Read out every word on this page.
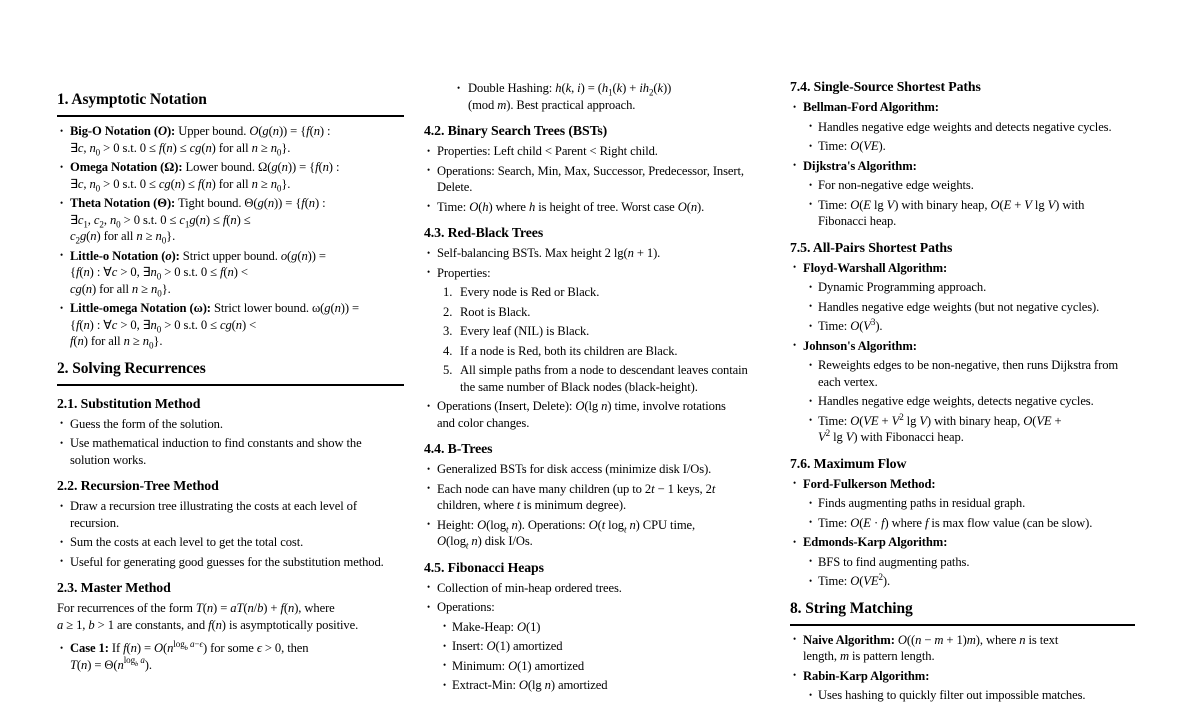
1. Asymptotic Notation
• Big-O Notation (O): Upper bound. O(g(n)) = {f(n) :
∃c, $n_0 > 0$ s.t. 0 ≤ f(n) ≤ cg(n) for all $n \ge n_0$}.
• Omega Notation (Ω): Lower bound. Ω(g(n)) = {f(n) :
∃c, $n_0 > 0$ s.t. 0 ≤ cg(n) ≤ f(n) for all $n \ge n_0$}.
• Theta Notation (Θ): Tight bound. Θ(g(n)) = {f(n) :
$\exists c_1$, $c_2$, $n_0 > 0$ s.t. $0 \le c_1g(n) \le f(n)$ ≤
$c_2g(n)$ for all $n \ge n_0$}.
• Little-o Notation (o): Strict upper bound. o(g(n)) =
{f(n) : ∀c > 0, $\exists n_0 > 0$ s.t. 0 ≤ f(n) <
cg(n) for all $n \ge n_0$}.
• Little-omega Notation (ω): Strict lower bound. ω(g(n)) =
{f(n) : ∀c > 0, $\exists n_0 > 0$ s.t. 0 ≤ cg(n) <
f(n) for all $n \ge n_0$}.
2. Solving Recurrences
2.1. Substitution Method
• Guess the form of the solution.
• Use mathematical induction to find constants and show the
solution works.
2.2. Recursion-Tree Method
• Draw a recursion tree illustrating the costs at each level of
recursion.
• Sum the costs at each level to get the total cost.
• Useful for generating good guesses for the substitution method.
2.3. Master Method
For recurrences of the form T(n) = aT(n/b) + f(n), where
a ≥ 1, b > 1 are constants, and f(n) is asymptotically positive.
• Case 1: If $f(n) = O(n^{log_b a-\epsilon})$ for some ϵ > 0, then
$T(n) = \Theta(n^{log_b a})$.
• Double Hashing: h(k, $i) = (h_1(k) + ih_2(k))$
(mod m). Best practical approach.
4.2. Binary Search Trees (BSTs)
• Properties: Left child < Parent < Right child.
• Operations: Search, Min, Max, Successor, Predecessor, Insert,
Delete.
• Time: O(h) where h is height of tree. Worst case O(n).
4.3. Red-Black Trees
• Self-balancing BSTs. Max height 2 lg(n + 1).
• Properties:
1. Every node is Red or Black.
2. Root is Black.
3. Every leaf (NIL) is Black.
4. If a node is Red, both its children are Black.
5. All simple paths from a node to descendant leaves contain
the same number of Black nodes (black-height).
• Operations (Insert, Delete): O(lg n) time, involve rotations
and color changes.
4.4. B-Trees
• Generalized BSTs for disk access (minimize disk I/Os).
• Each node can have many children (up to 2t − 1 keys, 2t
children, where t is minimum degree).
• Height: $O(\log_t$ n). Operations: O(t $\log_t n$) CPU time,
$O(\log_t$ n) disk I/Os.
4.5. Fibonacci Heaps
• Collection of min-heap ordered trees.
• Operations:
• Make-Heap: O(1)
• Insert: O(1) amortized
• Minimum: O(1) amortized
• Extract-Min: O(lg n) amortized
7.4. Single-Source Shortest Paths
• Bellman-Ford Algorithm:
• Handles negative edge weights and detects negative cycles.
• Time: O(VE).
• Dijkstra's Algorithm:
• For non-negative edge weights.
• Time: O(E lg V) with binary heap, O(E + V lg V) with
Fibonacci heap.
7.5. All-Pairs Shortest Paths
• Floyd-Warshall Algorithm:
• Dynamic Programming approach.
• Handles negative edge weights (but not negative cycles).
• Time: $O(V^3)$.
• Johnson's Algorithm:
• Reweights edges to be non-negative, then runs Dijkstra from
each vertex.
• Handles negative edge weights, detects negative cycles.
• Time: $O(VE + V^2$ lg V) with binary heap, O(VE +
$V^2$ lg V) with Fibonacci heap.
7.6. Maximum Flow
• Ford-Fulkerson Method:
• Finds augmenting paths in residual graph.
• Time: O(E · f) where f is max flow value (can be slow).
• Edmonds-Karp Algorithm:
• BFS to find augmenting paths.
• Time: $O(VE^2)$.
8. String Matching
• Naive Algorithm: O((n − m + 1)m), where n is text
length, m is pattern length.
• Rabin-Karp Algorithm:
• Uses hashing to quickly filter out impossible matches.
